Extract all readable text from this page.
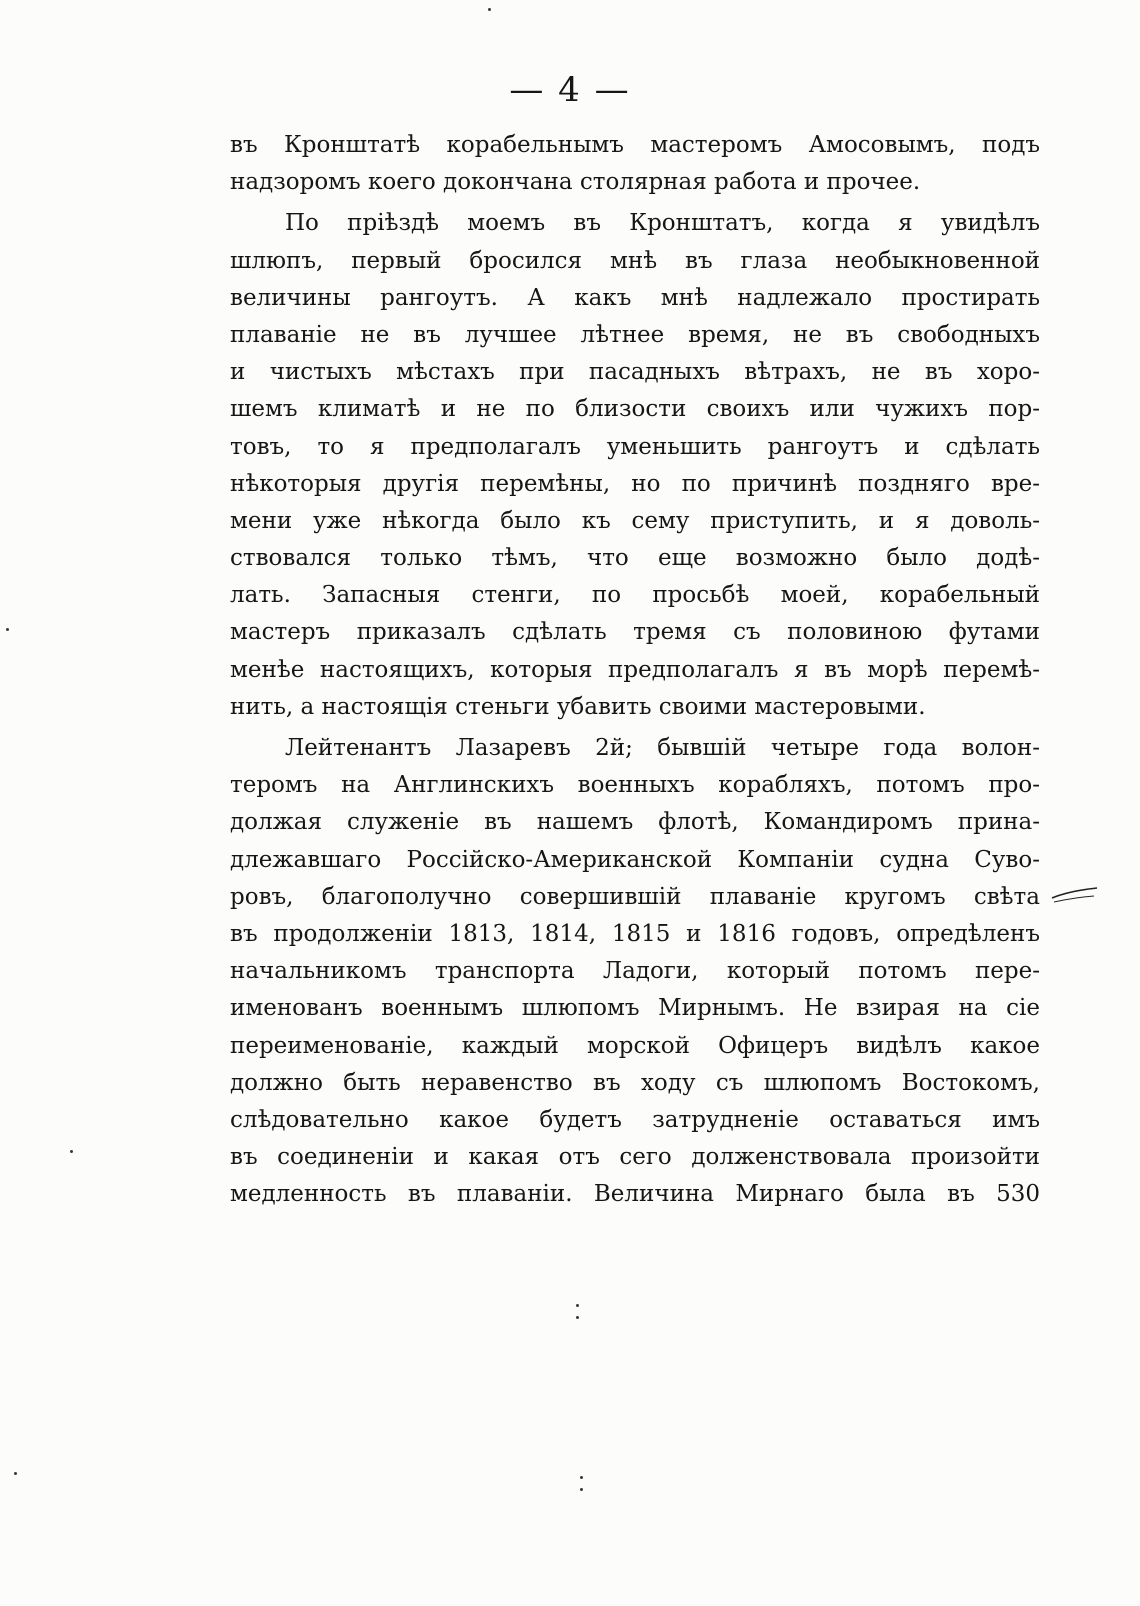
— 4 —
въ Кронштатѣ корабельнымъ мастеромъ Амосовымъ, подъ
надзоромъ коего докончана столярная работа и прочее.
По пріѣздѣ моемъ въ Кронштатъ, когда я увидѣлъ
шлюпъ, первый бросился мнѣ въ глаза необыкновенной
величины рангоутъ. А какъ мнѣ надлежало простирать
плаваніе не въ лучшее лѣтнее время, не въ свободныхъ
и чистыхъ мѣстахъ при пасадныхъ вѣтрахъ, не въ хоро-
шемъ климатѣ и не по близости своихъ или чужихъ пор-
товъ, то я предполагалъ уменьшить рангоутъ и сдѣлать
нѣкоторыя другія перемѣны, но по причинѣ поздняго вре-
мени уже нѣкогда было къ сему приступить, и я доволь-
ствовался только тѣмъ, что еще возможно было додѣ-
лать. Запасныя стенги, по просьбѣ моей, корабельный
мастеръ приказалъ сдѣлать тремя съ половиною футами
менѣе настоящихъ, которыя предполагалъ я въ морѣ перемѣ-
нить, а настоящія стеньги убавить своими мастеровыми.
Лейтенантъ Лазаревъ 2й; бывшій четыре года волон-
теромъ на Англинскихъ военныхъ корабляхъ, потомъ про-
должая служеніе въ нашемъ флотѣ, Командиромъ прина-
длежавшаго Россійско-Американской Компаніи судна Суво-
ровъ, благополучно совершившій плаваніе кругомъ свѣта
въ продолженіи 1813, 1814, 1815 и 1816 годовъ, опредѣленъ
начальникомъ транспорта Ладоги, который потомъ пере-
именованъ военнымъ шлюпомъ Мирнымъ. Не взирая на сіе
переименованіе, каждый морской Офицеръ видѣлъ какое
должно быть неравенство въ ходу съ шлюпомъ Востокомъ,
слѣдовательно какое будетъ затрудненіе оставаться имъ
въ соединеніи и какая отъ сего долженствовала произойти
медленность въ плаваніи. Величина Мирнаго была въ 530
